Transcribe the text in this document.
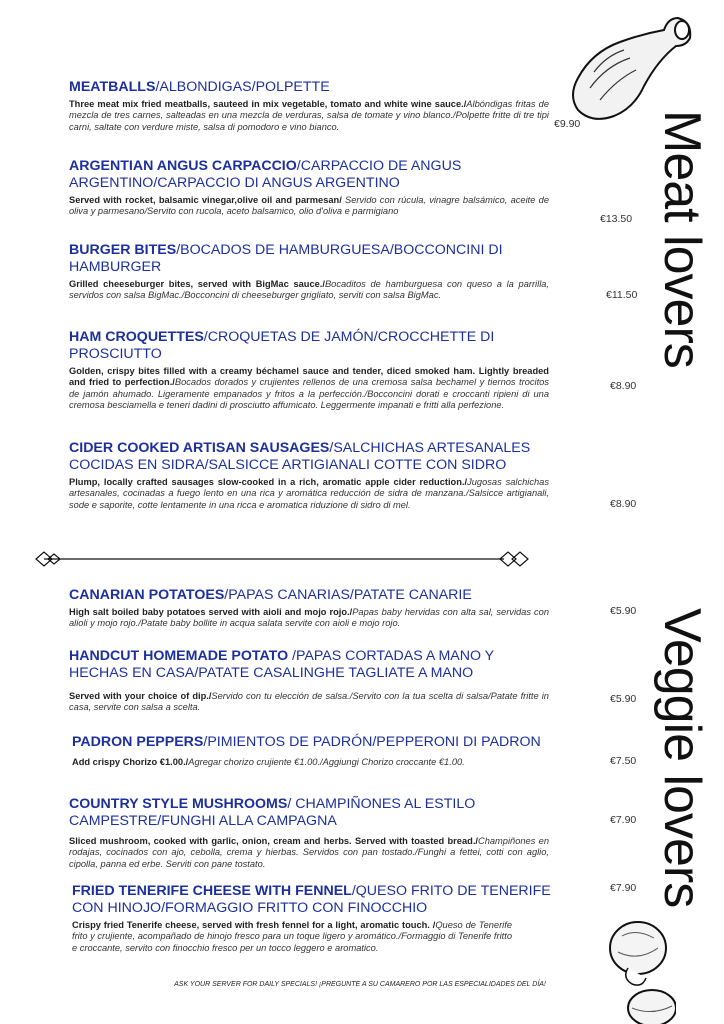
Meat lovers
Veggie lovers
MEATBALLS/ALBONDIGAS/POLPETTE
Three meat mix fried meatballs, sauteed in mix vegetable, tomato and white wine sauce./Albóndigas fritas de mezcla de tres carnes, salteadas en una mezcla de verduras, salsa de tomate y vino blanco./Polpette fritte di tre tipi carni, saltate con verdure miste, salsa di pomodoro e vino bianco.	€9.90
ARGENTIAN ANGUS CARPACCIO/CARPACCIO DE ANGUS ARGENTINO/CARPACCIO DI ANGUS ARGENTINO
Served with rocket, balsamic vinegar,olive oil and parmesan/ Servido con rúcula, vinagre balsámico, aceite de oliva y parmesano/Servito con rucola, aceto balsamico, olio d'oliva e parmigiano
€13.50
BURGER BITES/BOCADOS DE HAMBURGUESA/BOCCONCINI DI HAMBURGER
Grilled cheeseburger bites, served with BigMac sauce./Bocaditos de hamburguesa con queso a la parrilla, servidos con salsa BigMac./Bocconcini di cheeseburger grigliato, serviti con salsa BigMac.	€11.50
HAM CROQUETTES/CROQUETAS DE JAMÓN/CROCCHETTE DI PROSCIUTTO
Golden, crispy bites filled with a creamy béchamel sauce and tender, diced smoked ham. Lightly breaded and fried to perfection./Bocados dorados y crujientes rellenos de una cremosa salsa bechamel y tiernos trocitos de jamón ahumado. Ligeramente empanados y fritos a la perfección./Bocconcini dorati e croccanti ripieni di una cremosa besciamella e teneri dadini di prosciutto affumicato. Leggermente impanati e fritti alla perfezione.
€8.90
CIDER COOKED ARTISAN SAUSAGES/SALCHICHAS ARTESANALES COCIDAS EN SIDRA/SALSICCE ARTIGIANALI COTTE CON SIDRO
Plump, locally crafted sausages slow-cooked in a rich, aromatic apple cider reduction./Jugosas salchichas artesanales, cocinadas a fuego lento en una rica y aromática reducción de sidra de manzana./Salsicce artigianali, sode e saporite, cotte lentamente in una ricca e aromatica riduzione di sidro di mel.	€8.90
CANARIAN POTATOES/PAPAS CANARIAS/PATATE CANARIE
High salt boiled baby potatoes served with aioli and mojo rojo./Papas baby hervidas con alta sal, servidas con alioli y mojo rojo./Patate baby bollite in acqua salata servite con aioli e mojo rojo.
€5.90
HANDCUT HOMEMADE POTATO /PAPAS CORTADAS A MANO Y HECHAS EN CASA/PATATE CASALINGHE TAGLIATE A MANO
Served with your choice of dip./Servido con tu elección de salsa./Servito con la tua scelta di salsa/Patate fritte in casa, servite con salsa a scelta.
€5.90
PADRON PEPPERS/PIMIENTOS DE PADRÓN/PEPPERONI DI PADRON
Add crispy Chorizo €1.00./Agregar chorizo crujiente €1.00./Aggiungi Chorizo croccante €1.00.	€7.50
COUNTRY STYLE MUSHROOMS/ CHAMPIÑONES AL ESTILO CAMPESTRE/FUNGHI ALLA CAMPAGNA
Sliced mushroom, cooked with garlic, onion, cream and herbs. Served with toasted bread./Champiñones en rodajas, cocinados con ajo, cebolla, crema y hierbas. Servidos con pan tostado./Funghi a fettei, cotti con aglio, cipolla, panna ed erbe. Serviti con pane tostato.
€7.90
FRIED TENERIFE CHEESE WITH FENNEL/QUESO FRITO DE TENERIFE CON HINOJO/FORMAGGIO FRITTO CON FINOCCHIO
Crispy fried Tenerife cheese, served with fresh fennel for a light, aromatic touch. /Queso de Tenerife frito y crujiente, acompañado de hinojo fresco para un toque ligero y aromático./Formaggio di Tenerife fritto e croccante, servito con finocchio fresco per un tocco leggero e aromatico.
€7.90
ASK YOUR SERVER FOR DAILY SPECIALS! ¡PREGUNTE A SU CAMARERO POR LAS ESPECIALIDADES DEL DÍA!
